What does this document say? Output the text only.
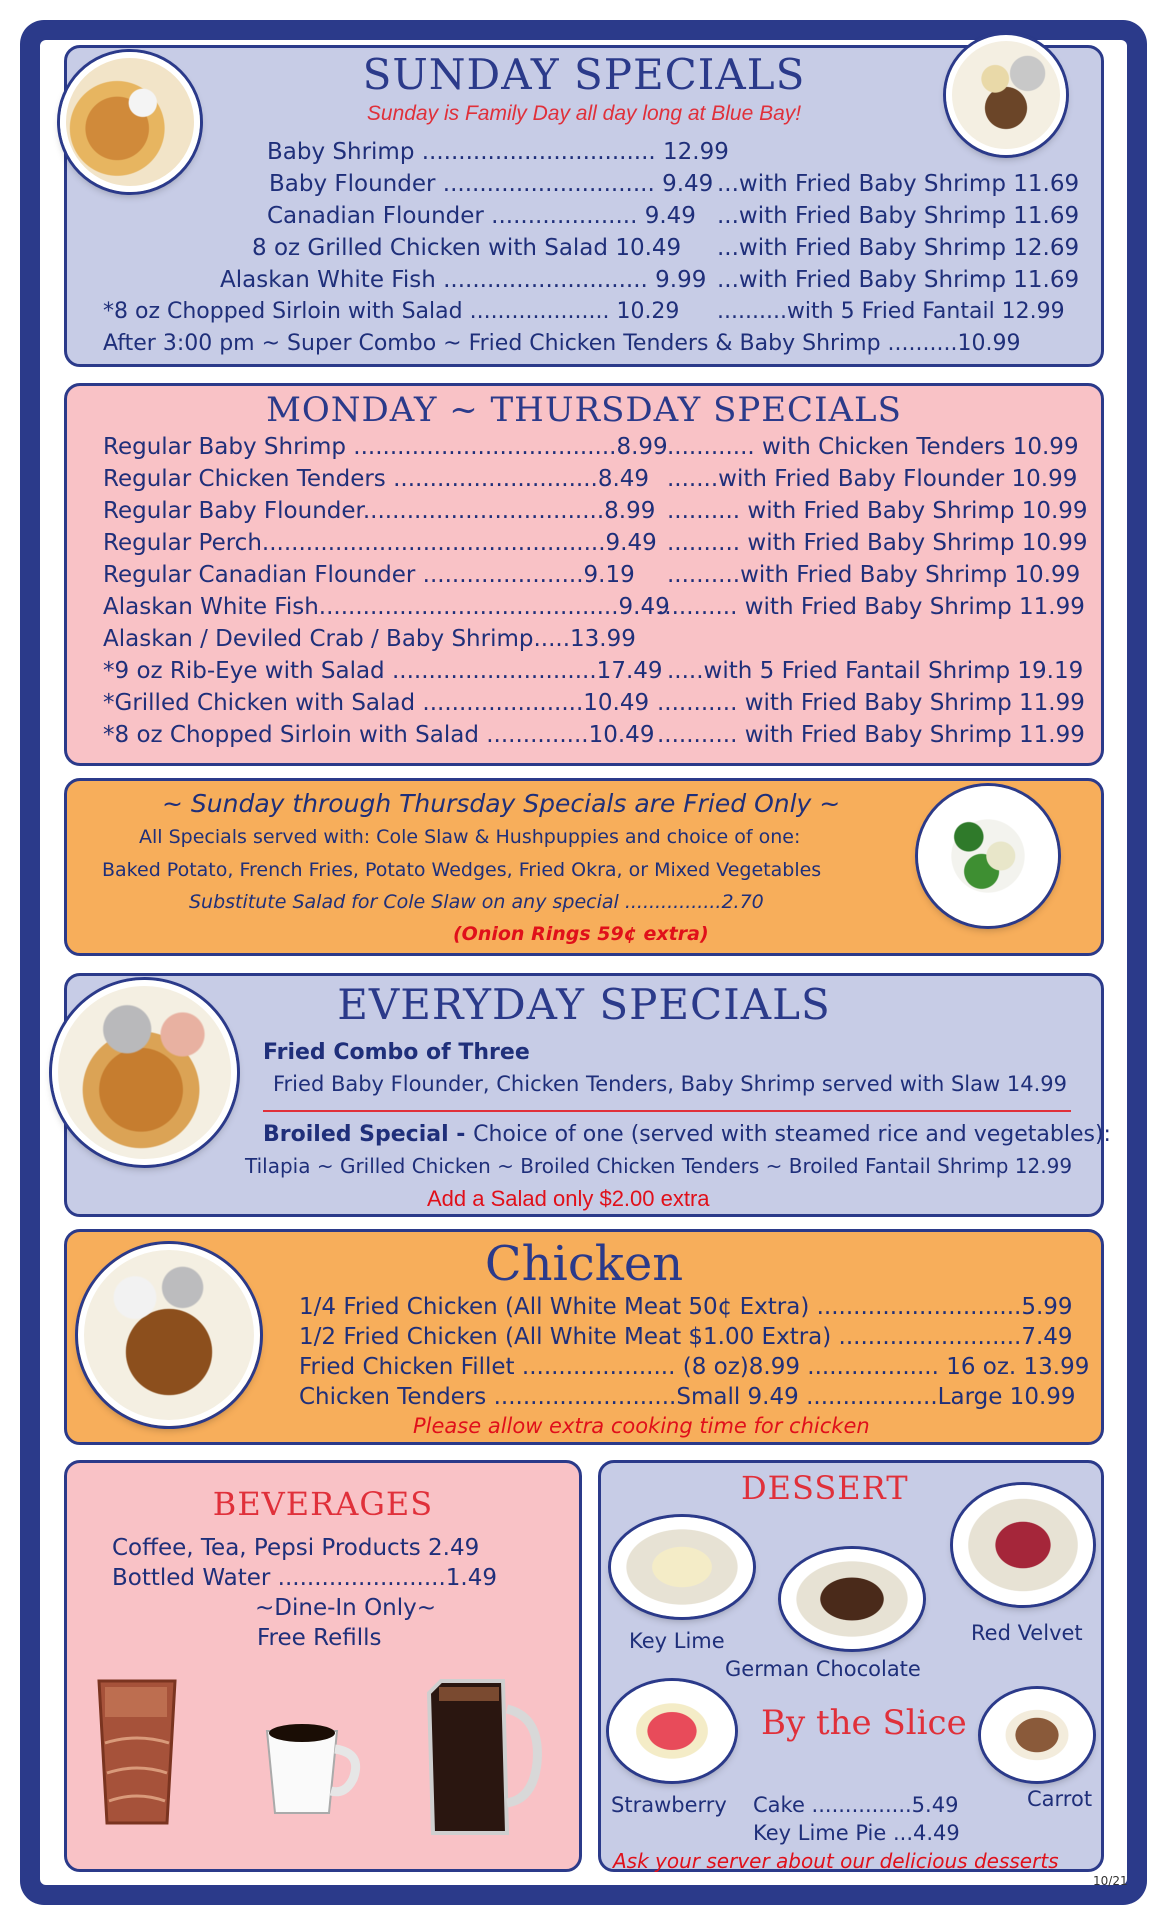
SUNDAY SPECIALS
Sunday is Family Day all day long at Blue Bay!
Baby Shrimp ................................ 12.99
Baby Flounder ............................. 9.49 ...with Fried Baby Shrimp 11.69
Canadian Flounder .................... 9.49 ...with Fried Baby Shrimp 11.69
8 oz Grilled Chicken with Salad 10.49 ...with Fried Baby Shrimp 12.69
Alaskan White Fish ............................ 9.99 ...with Fried Baby Shrimp 11.69
*8 oz Chopped Sirloin with Salad .................... 10.29 ..........with 5 Fried Fantail 12.99
After 3:00 pm ~ Super Combo ~ Fried Chicken Tenders & Baby Shrimp ..........10.99
MONDAY ~ THURSDAY SPECIALS
Regular Baby Shrimp ....................................8.99 ............ with Chicken Tenders 10.99
Regular Chicken Tenders ............................8.49 .......with Fried Baby Flounder 10.99
Regular Baby Flounder.................................8.99 .......... with Fried Baby Shrimp 10.99
Regular Perch...............................................9.49 .......... with Fried Baby Shrimp 10.99
Regular Canadian Flounder ......................9.19 ..........with Fried Baby Shrimp 10.99
Alaskan White Fish.........................................9.49
........... with Fried Baby Shrimp 11.99
Alaskan / Deviled Crab / Baby Shrimp.....13.99
*9 oz Rib-Eye with Salad ............................17.49 .....with 5 Fried Fantail Shrimp 19.19
*Grilled Chicken with Salad ......................10.49 ........... with Fried Baby Shrimp 11.99
*8 oz Chopped Sirloin with Salad ..............10.49 ........... with Fried Baby Shrimp 11.99
~ Sunday through Thursday Specials are Fried Only ~
All Specials served with: Cole Slaw & Hushpuppies and choice of one:
Baked Potato, French Fries, Potato Wedges, Fried Okra, or Mixed Vegetables
Substitute Salad for Cole Slaw on any special ................2.70
(Onion Rings 59¢ extra)
EVERYDAY SPECIALS
Fried Combo of Three
Fried Baby Flounder, Chicken Tenders, Baby Shrimp served with Slaw 14.99
Broiled Special - Choice of one (served with steamed rice and vegetables):
Tilapia ~ Grilled Chicken ~ Broiled Chicken Tenders ~ Broiled Fantail Shrimp 12.99
Add a Salad only $2.00 extra
Chicken
1/4 Fried Chicken (All White Meat 50¢ Extra) ............................5.99
1/2 Fried Chicken (All White Meat $1.00 Extra) .........................7.49
Fried Chicken Fillet ..................... (8 oz)8.99 .................. 16 oz. 13.99
Chicken Tenders .........................Small 9.49 ..................Large 10.99
Please allow extra cooking time for chicken
BEVERAGES
Coffee, Tea, Pepsi Products 2.49
Bottled Water .......................1.49
~Dine-In Only~
Free Refills
DESSERT
Key Lime
German Chocolate
Red Velvet
Strawberry
By the Slice
Carrot
Cake ...............5.49
Key Lime Pie ...4.49
Ask your server about our delicious desserts
10/21
